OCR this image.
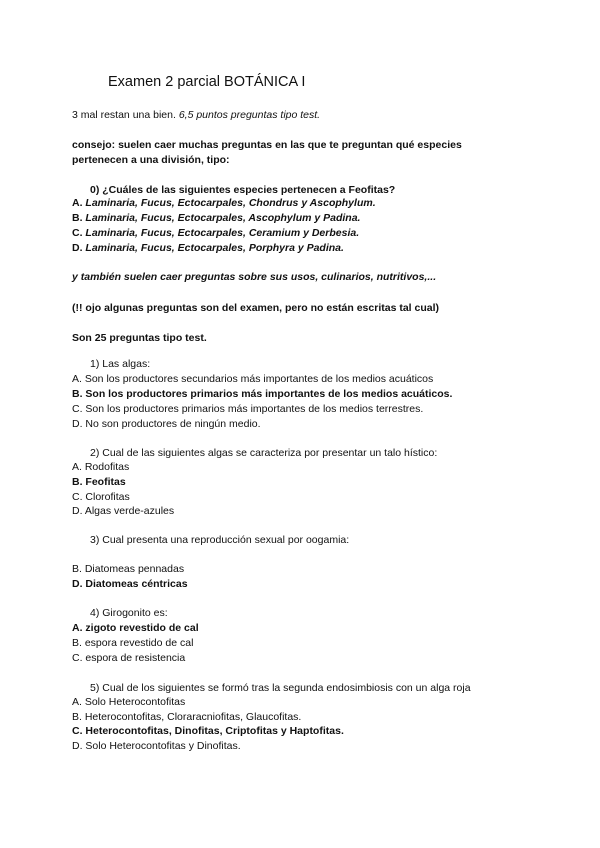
Examen 2 parcial BOTÁNICA I
3 mal restan una bien. 6,5 puntos preguntas tipo test.
consejo: suelen caer muchas preguntas en las que te preguntan qué especies
pertenecen a una división, tipo:
0) ¿Cuáles de las siguientes especies pertenecen a Feofitas?
A. Laminaria, Fucus, Ectocarpales, Chondrus y Ascophylum.
B. Laminaria, Fucus, Ectocarpales, Ascophylum y Padina.
C. Laminaria, Fucus, Ectocarpales, Ceramium y Derbesia.
D. Laminaria, Fucus, Ectocarpales, Porphyra y Padina.
y también suelen caer preguntas sobre sus usos, culinarios, nutritivos,...
(!! ojo algunas preguntas son del examen, pero no están escritas tal cual)
Son 25 preguntas tipo test.
1) Las algas:
A. Son los productores secundarios más importantes de los medios acuáticos
B. Son los productores primarios más importantes de los medios acuáticos.
C. Son los productores primarios más importantes de los medios terrestres.
D. No son productores de ningún medio.
2) Cual de las siguientes algas se caracteriza por presentar un talo hístico:
A. Rodofitas
B. Feofitas
C. Clorofitas
D. Algas verde-azules
3) Cual presenta una reproducción sexual por oogamia:
B. Diatomeas pennadas
D. Diatomeas céntricas
4) Girogonito es:
A. zigoto revestido de cal
B. espora revestido de cal
C. espora de resistencia
5) Cual de los siguientes se formó tras la segunda endosimbiosis con un alga roja
A. Solo Heterocontofitas
B. Heterocontofitas, Cloraracniofitas, Glaucofitas.
C. Heterocontofitas, Dinofitas, Criptofitas y Haptofitas.
D. Solo Heterocontofitas y Dinofitas.
